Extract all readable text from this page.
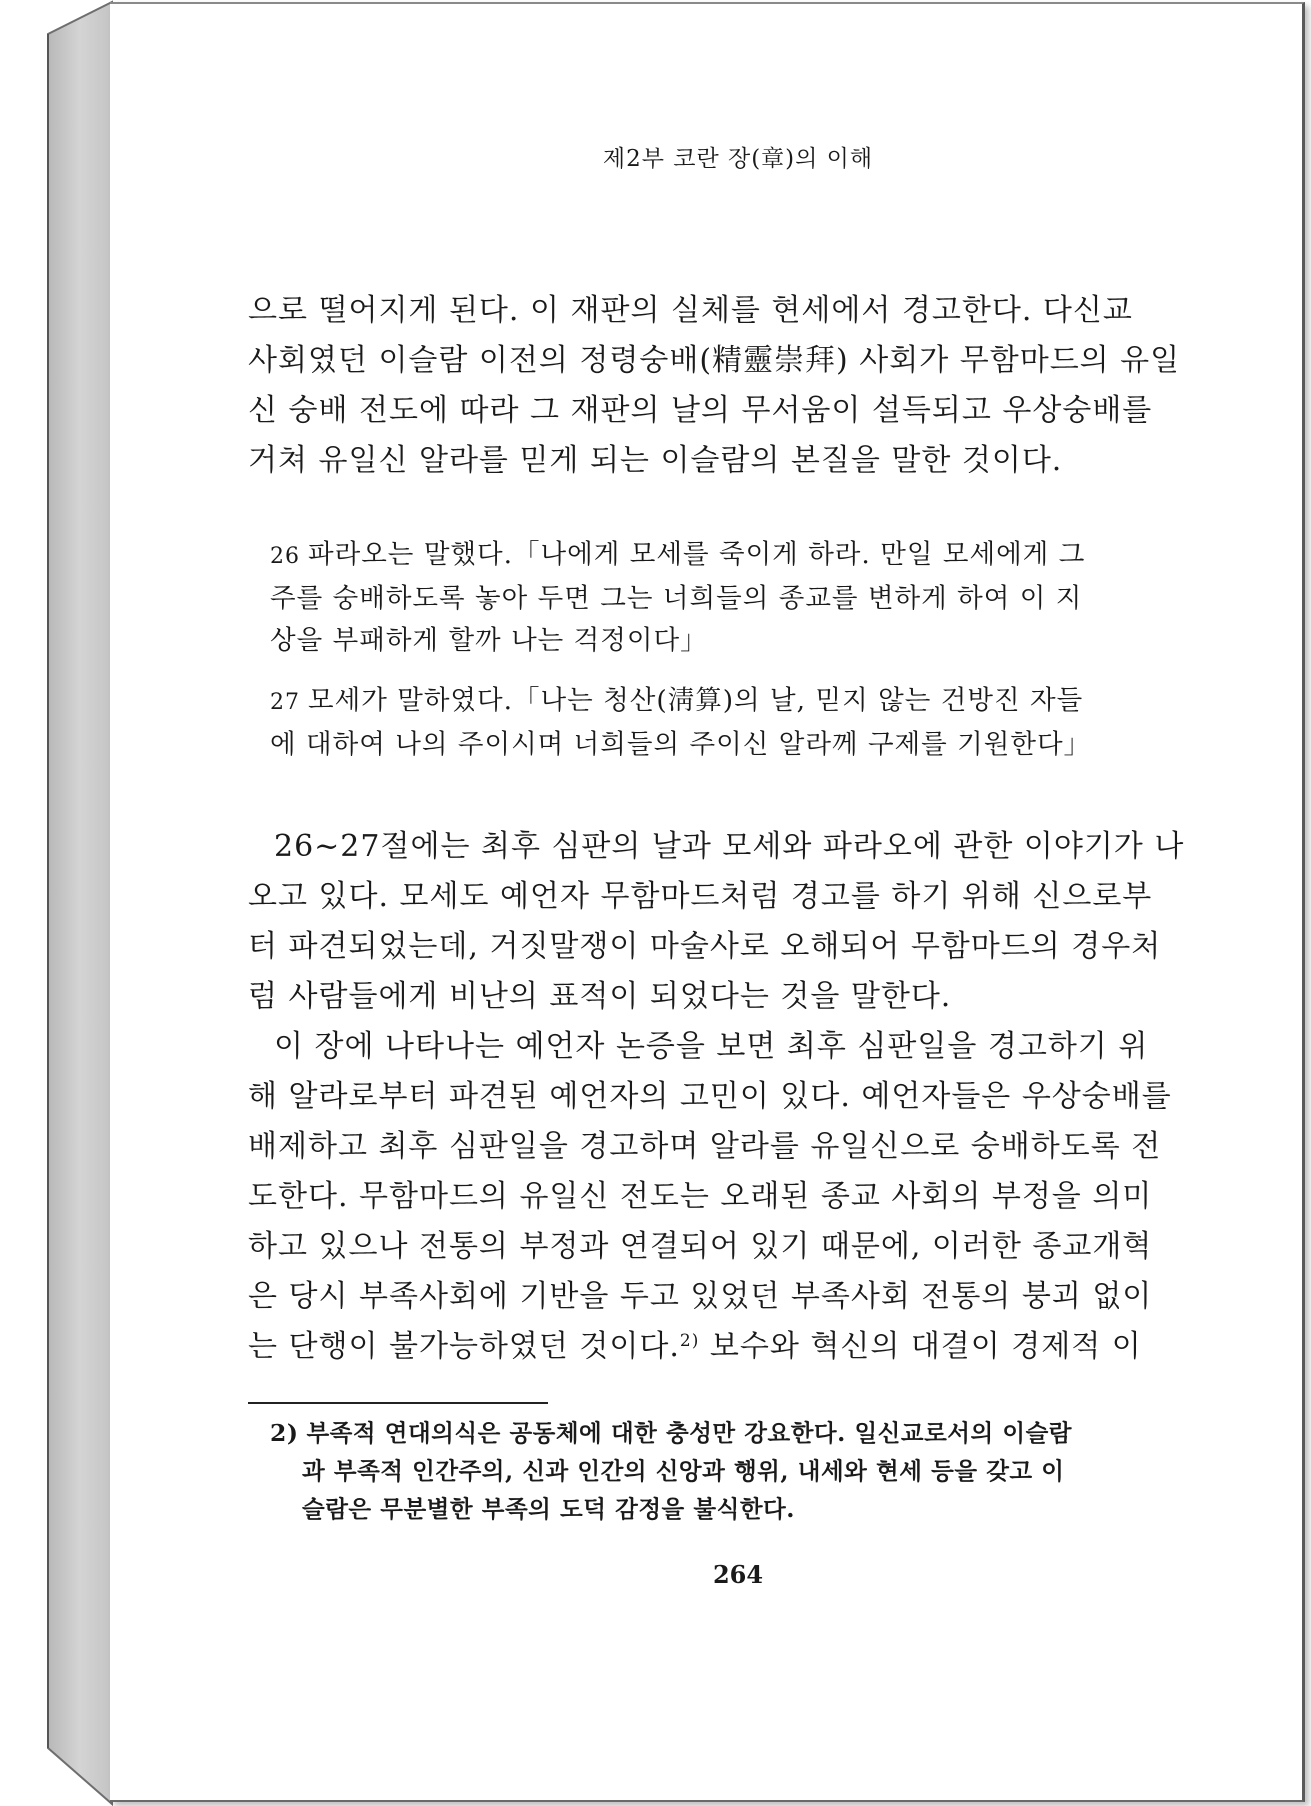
제2부 코란 장(章)의 이해
으로 떨어지게 된다. 이 재판의 실체를 현세에서 경고한다. 다신교
사회였던 이슬람 이전의 정령숭배(精靈崇拜) 사회가 무함마드의 유일
신 숭배 전도에 따라 그 재판의 날의 무서움이 설득되고 우상숭배를
거쳐 유일신 알라를 믿게 되는 이슬람의 본질을 말한 것이다.
26 파라오는 말했다.「나에게 모세를 죽이게 하라. 만일 모세에게 그
주를 숭배하도록 놓아 두면 그는 너희들의 종교를 변하게 하여 이 지
상을 부패하게 할까 나는 걱정이다」
27 모세가 말하였다.「나는 청산(淸算)의 날, 믿지 않는 건방진 자들
에 대하여 나의 주이시며 너희들의 주이신 알라께 구제를 기원한다」
26~27절에는 최후 심판의 날과 모세와 파라오에 관한 이야기가 나
오고 있다. 모세도 예언자 무함마드처럼 경고를 하기 위해 신으로부
터 파견되었는데, 거짓말쟁이 마술사로 오해되어 무함마드의 경우처
럼 사람들에게 비난의 표적이 되었다는 것을 말한다.
이 장에 나타나는 예언자 논증을 보면 최후 심판일을 경고하기 위
해 알라로부터 파견된 예언자의 고민이 있다. 예언자들은 우상숭배를
배제하고 최후 심판일을 경고하며 알라를 유일신으로 숭배하도록 전
도한다. 무함마드의 유일신 전도는 오래된 종교 사회의 부정을 의미
하고 있으나 전통의 부정과 연결되어 있기 때문에, 이러한 종교개혁
은 당시 부족사회에 기반을 두고 있었던 부족사회 전통의 붕괴 없이
는 단행이 불가능하였던 것이다.$^{2)}$ 보수와 혁신의 대결이 경제적 이
2) 부족적 연대의식은 공동체에 대한 충성만 강요한다. 일신교로서의 이슬람
과 부족적 인간주의, 신과 인간의 신앙과 행위, 내세와 현세 등을 갖고 이
슬람은 무분별한 부족의 도덕 감정을 불식한다.
264
